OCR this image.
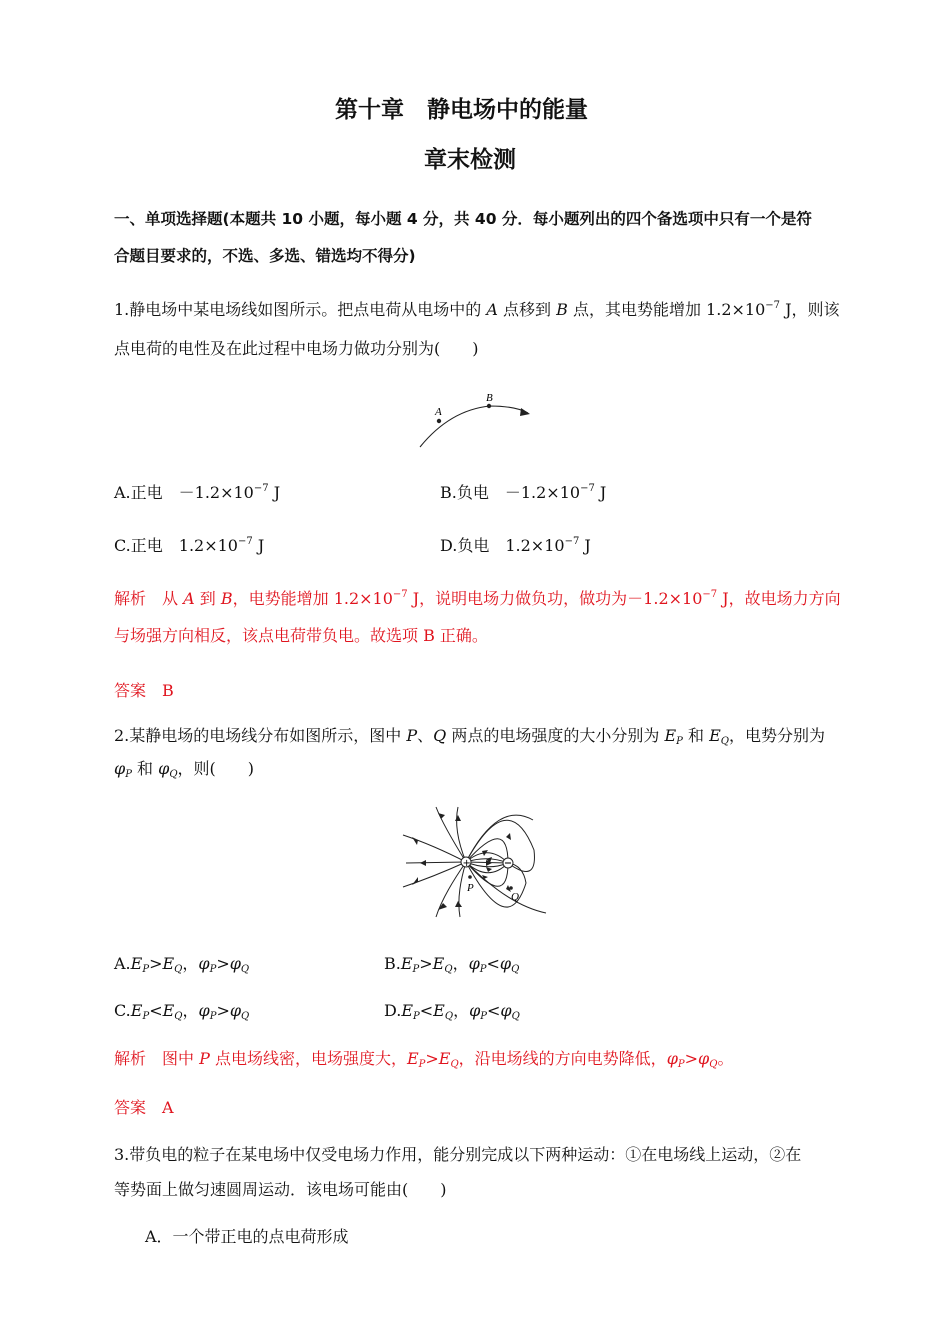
第十章　静电场中的能量
章末检测
一、单项选择题(本题共 10 小题，每小题 4 分，共 40 分．每小题列出的四个备选项中只有一个是符
合题目要求的，不选、多选、错选均不得分)
1.静电场中某电场线如图所示。把点电荷从电场中的 A 点移到 B 点，其电势能增加 $1.2\times 10^{-7}$ J，则该
点电荷的电性及在此过程中电场力做功分别为(　　)
A
B
A.正电　$-1.2\times 10^{-7}$ J	B.负电　$-1.2\times 10^{-7}$ J
C.正电　$1.2\times 10^{-7}$ J	D.负电　$1.2\times 10^{-7}$ J
解析　从 A 到 B，电势能增加 $1.2\times 10^{-7}$ J，说明电场力做负功，做功为$-1.2\times 10^{-7}$ J，故电场力方向
与场强方向相反，该点电荷带负电。故选项 B 正确。
答案　B
2.某静电场的电场线分布如图所示，图中 P、Q 两点的电场强度的大小分别为 $E_P$ 和 $E_Q$，电势分别为
$\varphi_P$ 和 $\varphi_Q$，则(　　)
+
P
Q
$A.E_P>E_Q$，$\varphi_P>\varphi_Q$	$B.E_P>E_Q$，$\varphi_P<\varphi_Q$
$C.E_P<E_Q$，$\varphi_P>\varphi_Q$	$D.E_P<E_Q$，$\varphi_P<\varphi_Q$
解析　图中 P 点电场线密，电场强度大，$E_P>E_Q$，沿电场线的方向电势降低，$\varphi_P>\varphi_Q$。
答案　A
3.带负电的粒子在某电场中仅受电场力作用，能分别完成以下两种运动：①在电场线上运动，②在
等势面上做匀速圆周运动．该电场可能由(　　)
A．一个带正电的点电荷形成
